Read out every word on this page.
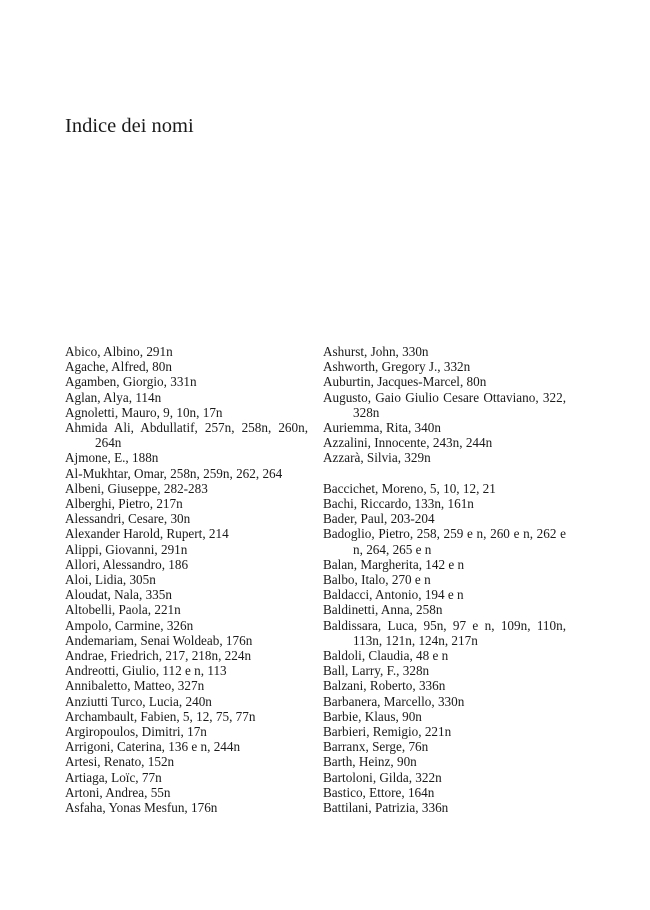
Indice dei nomi

Abico, Albino, 291n

Agache, Alfred, 80n

Agamben, Giorgio, 331n

Aglan, Alya, 114n

Agnoletti, Mauro, 9, 10n, 17n

Ahmida Ali, Abdullatif, 257n, 258n, 260n, 264n

Ajmone, E., 188n

Al-Mukhtar, Omar, 258n, 259n, 262, 264

Albeni, Giuseppe, 282-283

Alberghi, Pietro, 217n

Alessandri, Cesare, 30n

Alexander Harold, Rupert, 214

Alippi, Giovanni, 291n

Allori, Alessandro, 186

Aloi, Lidia, 305n

Aloudat, Nala, 335n

Altobelli, Paola, 221n

Ampolo, Carmine, 326n

Andemariam, Senai Woldeab, 176n

Andrae, Friedrich, 217, 218n, 224n

Andreotti, Giulio, 112 e n, 113

Annibaletto, Matteo, 327n

Anziutti Turco, Lucia, 240n

Archambault, Fabien, 5, 12, 75, 77n

Argiropoulos, Dimitri, 17n

Arrigoni, Caterina, 136 e n, 244n

Artesi, Renato, 152n

Artiaga, Loïc, 77n

Artoni, Andrea, 55n

Asfaha, Yonas Mesfun, 176n

Ashurst, John, 330n

Ashworth, Gregory J., 332n

Auburtin, Jacques-Marcel, 80n

Augusto, Gaio Giulio Cesare Ottaviano, 322, 328n

Auriemma, Rita, 340n

Azzalini, Innocente, 243n, 244n

Azzarà, Silvia, 329n

Baccichet, Moreno, 5, 10, 12, 21

Bachi, Riccardo, 133n, 161n

Bader, Paul, 203-204

Badoglio, Pietro, 258, 259 e n, 260 e n, 262 e n, 264, 265 e n

Balan, Margherita, 142 e n

Balbo, Italo, 270 e n

Baldacci, Antonio, 194 e n

Baldinetti, Anna, 258n

Baldissara, Luca, 95n, 97 e n, 109n, 110n, 113n, 121n, 124n, 217n

Baldoli, Claudia, 48 e n

Ball, Larry, F., 328n

Balzani, Roberto, 336n

Barbanera, Marcello, 330n

Barbie, Klaus, 90n

Barbieri, Remigio, 221n

Barranx, Serge, 76n

Barth, Heinz, 90n

Bartoloni, Gilda, 322n

Bastico, Ettore, 164n

Battilani, Patrizia, 336n
